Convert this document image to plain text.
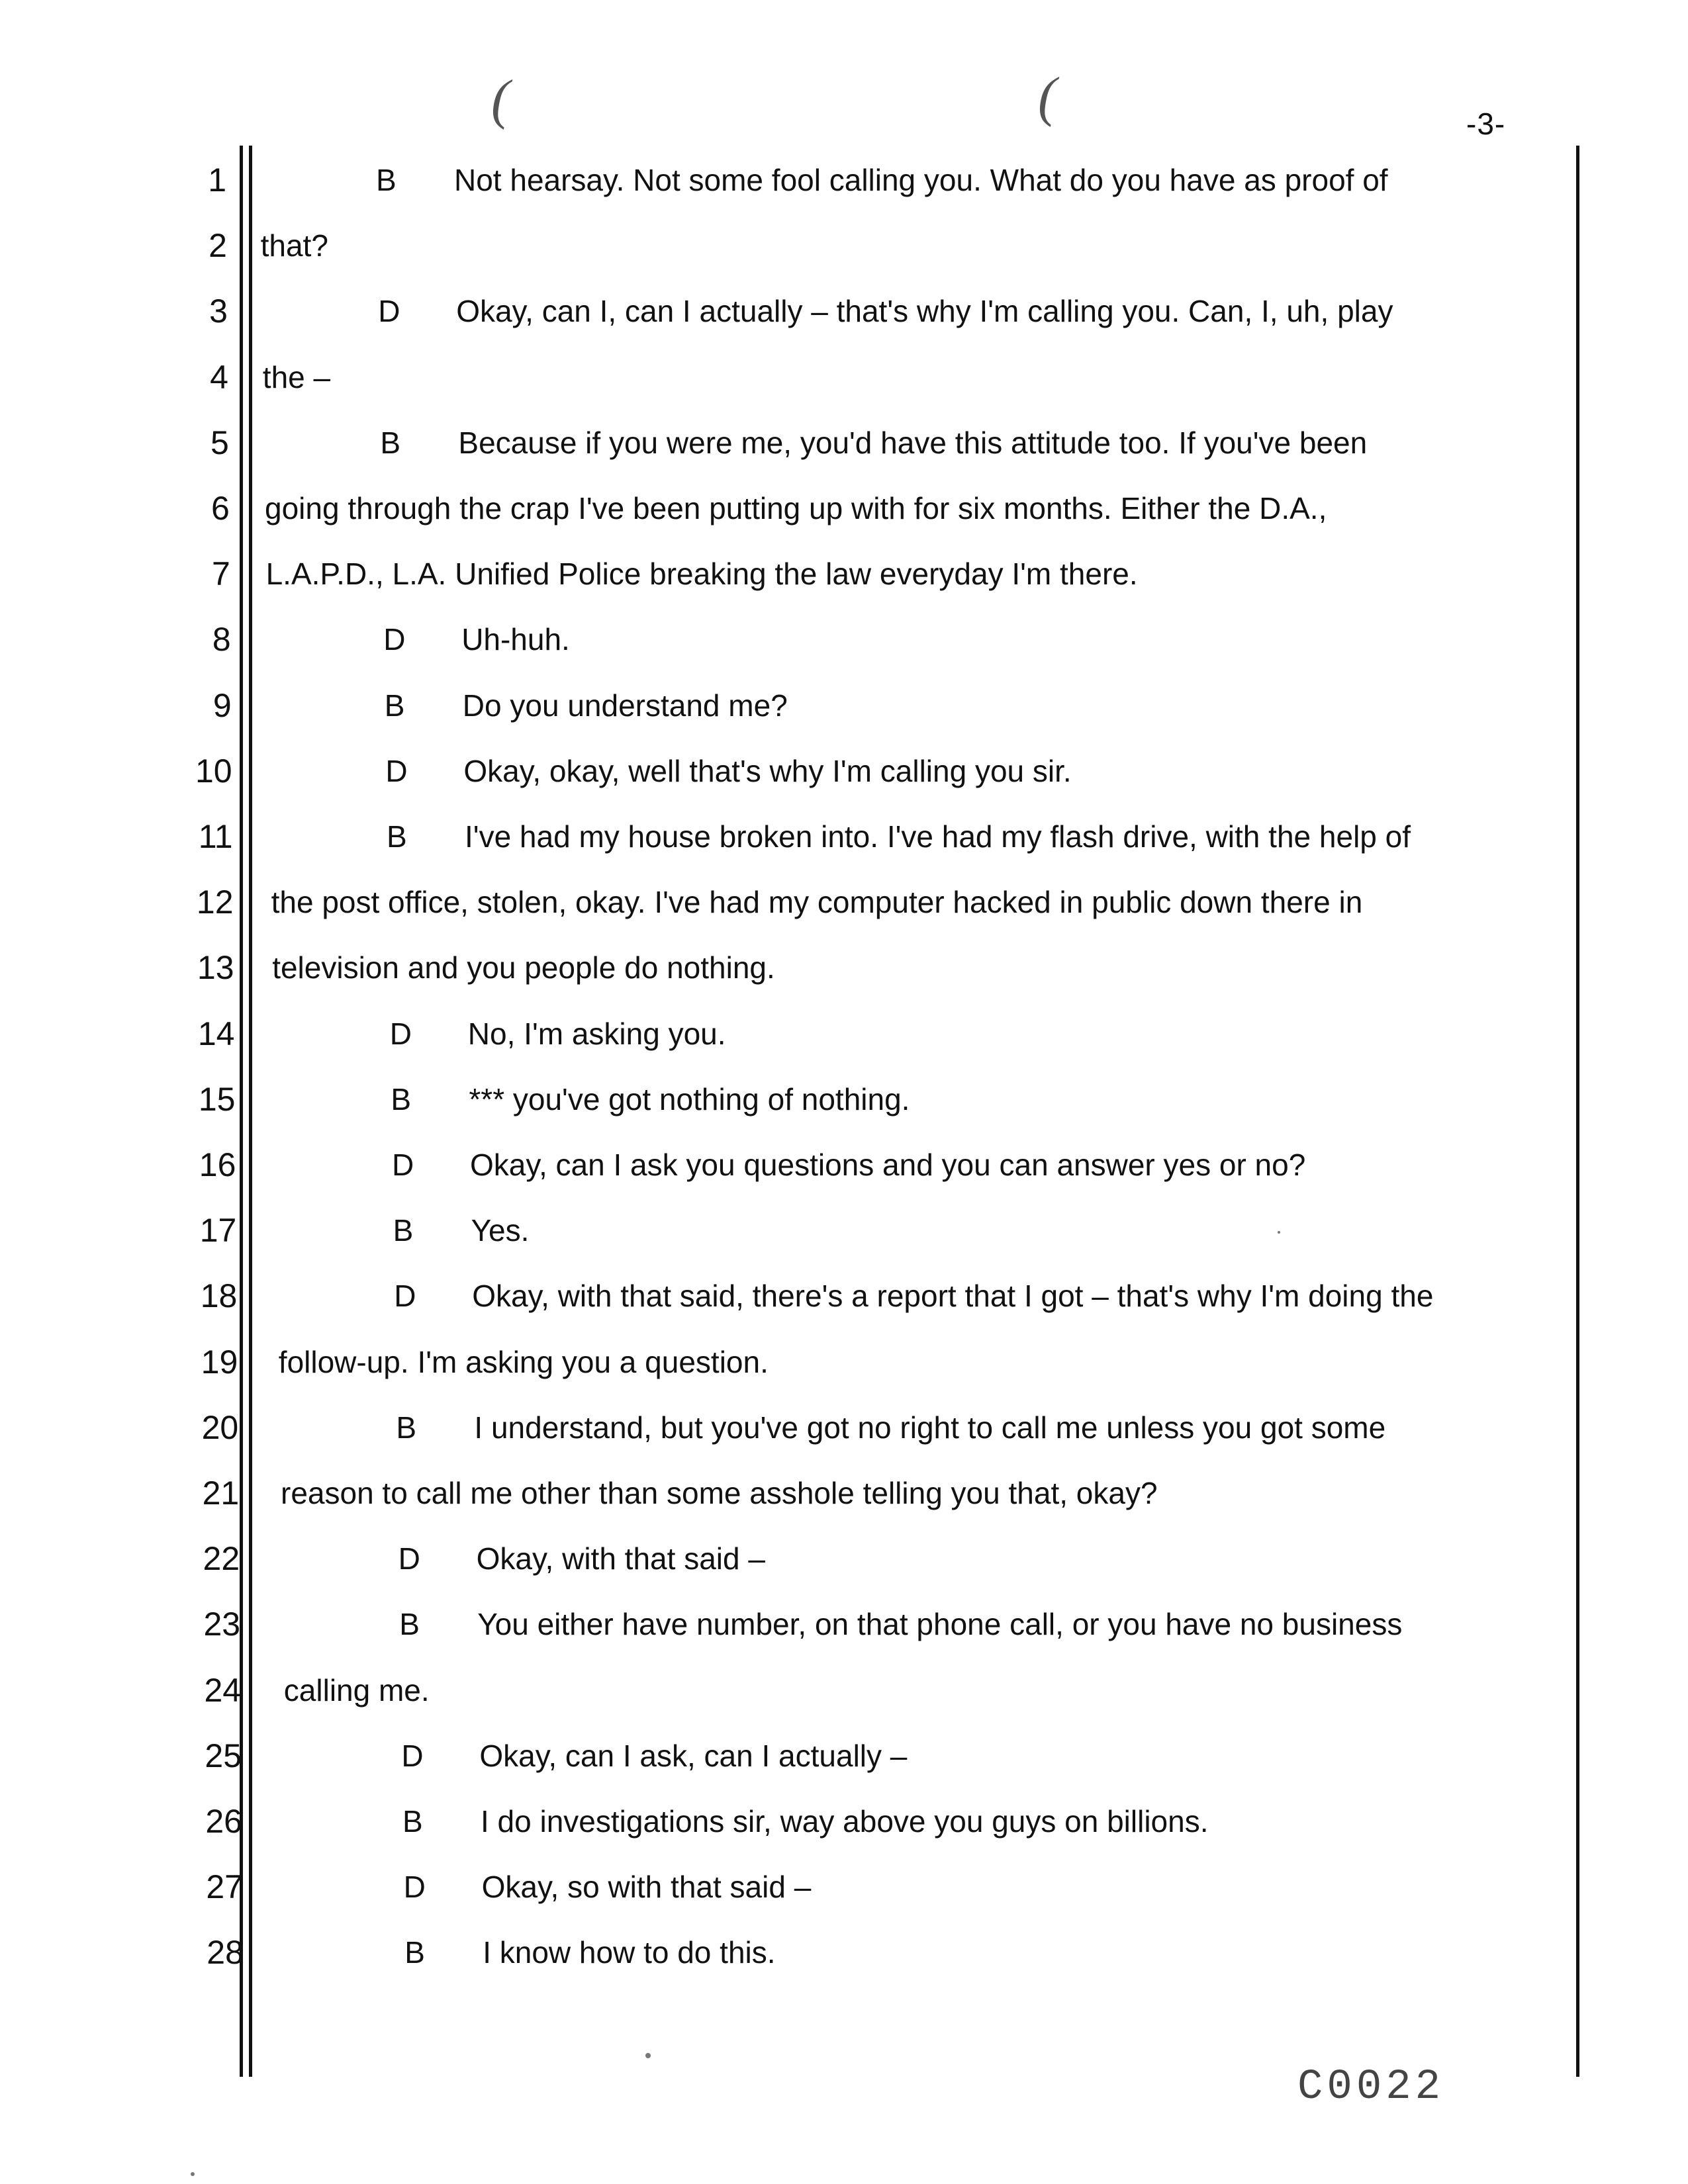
(	(	-3-
1	B Not hearsay. Not some fool calling you. What do you have as proof of
2 that?
3	D Okay, can I, can I actually – that's why I'm calling you. Can, I, uh, play
4 the –
5	B Because if you were me, you'd have this attitude too. If you've been
6 going through the crap I've been putting up with for six months. Either the D.A.,
7 L.A.P.D., L.A. Unified Police breaking the law everyday I'm there.
8	D Uh-huh.
9	B Do you understand me?
10	D Okay, okay, well that's why I'm calling you sir.
11	B I've had my house broken into. I've had my flash drive, with the help of
12 the post office, stolen, okay. I've had my computer hacked in public down there in
13 television and you people do nothing.
14	D No, I'm asking you.
15	B *** you've got nothing of nothing.
16	D Okay, can I ask you questions and you can answer yes or no?
17	B Yes.
18	D Okay, with that said, there's a report that I got – that's why I'm doing the
19 follow-up. I'm asking you a question.
20	B I understand, but you've got no right to call me unless you got some
21 reason to call me other than some asshole telling you that, okay?
22	D Okay, with that said –
23	B You either have number, on that phone call, or you have no business
24 calling me.
25	D Okay, can I ask, can I actually –
26	B I do investigations sir, way above you guys on billions.
27	D Okay, so with that said –
28	B I know how to do this.
C0022
